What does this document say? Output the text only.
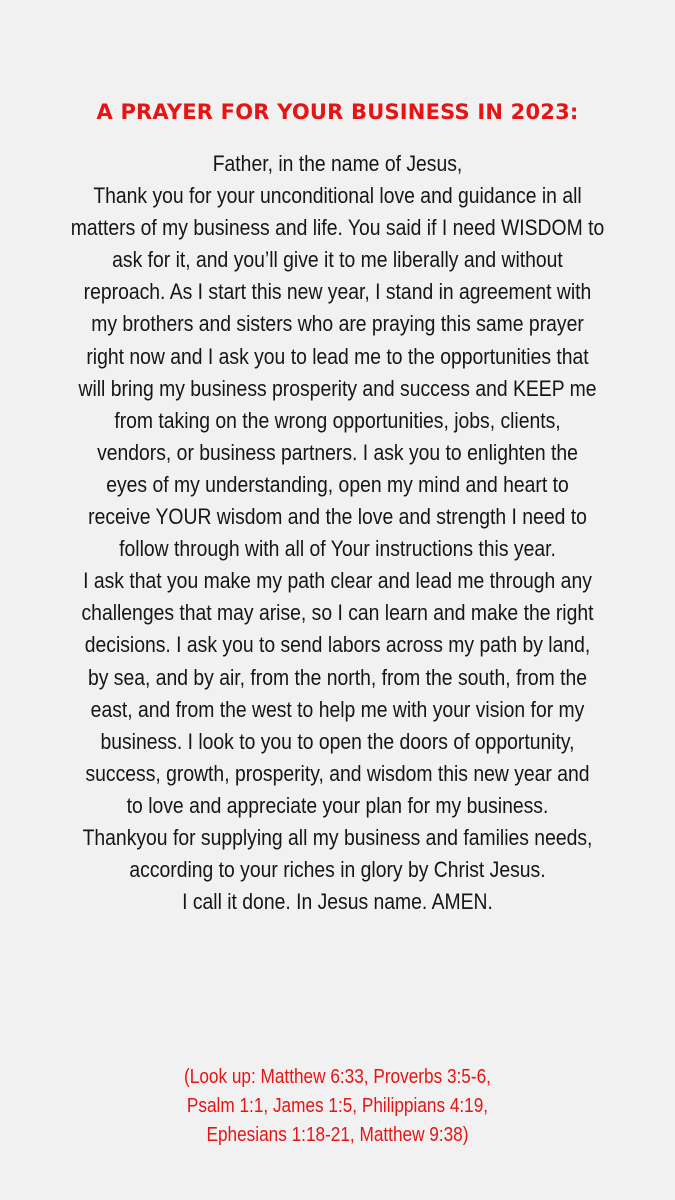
A PRAYER FOR YOUR BUSINESS IN 2023:
Father, in the name of Jesus,
Thank you for your unconditional love and guidance in all
matters of my business and life. You said if I need WISDOM to
ask for it, and you’ll give it to me liberally and without
reproach. As I start this new year, I stand in agreement with
my brothers and sisters who are praying this same prayer
right now and I ask you to lead me to the opportunities that
will bring my business prosperity and success and KEEP me
from taking on the wrong opportunities, jobs, clients,
vendors, or business partners. I ask you to enlighten the
eyes of my understanding, open my mind and heart to
receive YOUR wisdom and the love and strength I need to
follow through with all of Your instructions this year.
I ask that you make my path clear and lead me through any
challenges that may arise, so I can learn and make the right
decisions. I ask you to send labors across my path by land,
by sea, and by air, from the north, from the south, from the
east, and from the west to help me with your vision for my
business. I look to you to open the doors of opportunity,
success, growth, prosperity, and wisdom this new year and
to love and appreciate your plan for my business.
Thankyou for supplying all my business and families needs,
according to your riches in glory by Christ Jesus.
I call it done. In Jesus name. AMEN.
(Look up: Matthew 6:33, Proverbs 3:5-6,
Psalm 1:1, James 1:5, Philippians 4:19,
Ephesians 1:18-21, Matthew 9:38)
